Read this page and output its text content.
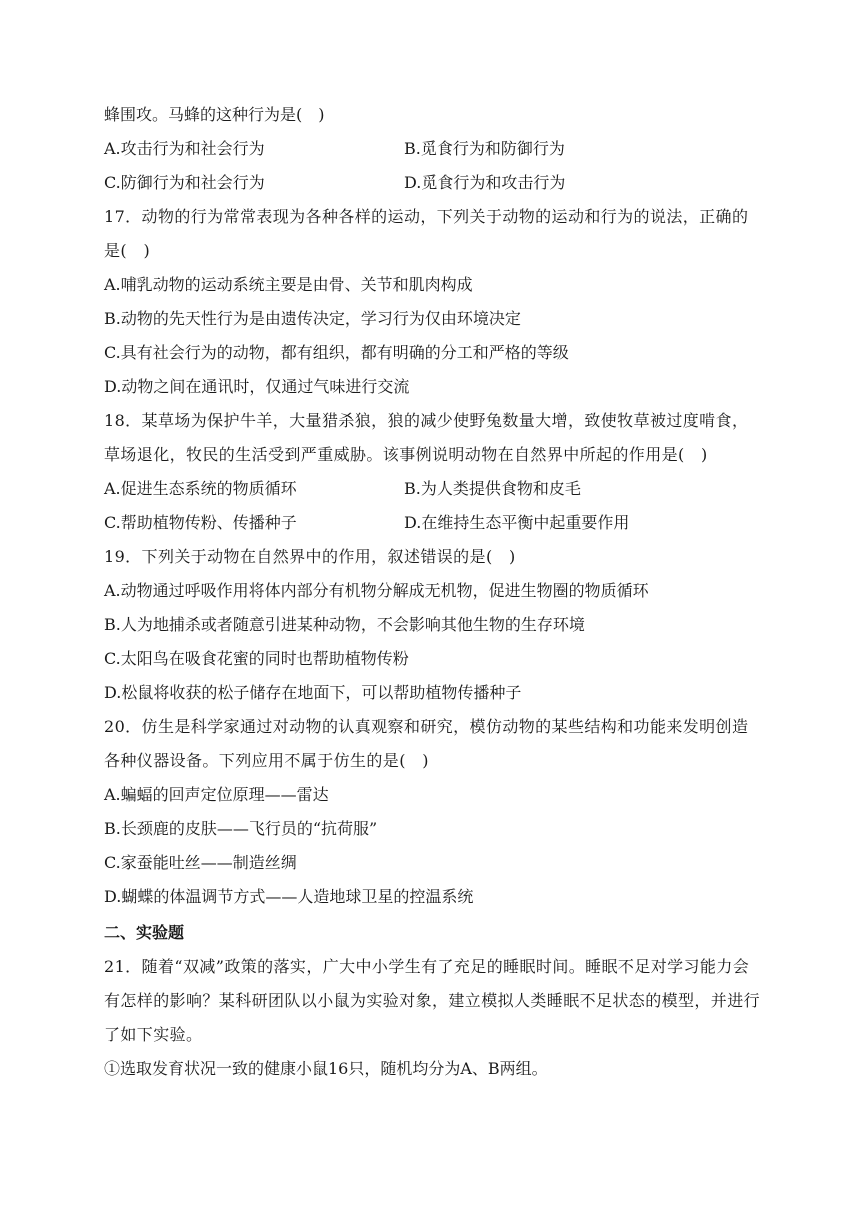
蜂围攻。马蜂的这种行为是(　)
A.攻击行为和社会行为	B.觅食行为和防御行为
C.防御行为和社会行为	D.觅食行为和攻击行为
17．动物的行为常常表现为各种各样的运动，下列关于动物的运动和行为的说法，正确的是(　)
A.哺乳动物的运动系统主要是由骨、关节和肌肉构成
B.动物的先天性行为是由遗传决定，学习行为仅由环境决定
C.具有社会行为的动物，都有组织，都有明确的分工和严格的等级
D.动物之间在通讯时，仅通过气味进行交流
18．某草场为保护牛羊，大量猎杀狼，狼的减少使野兔数量大增，致使牧草被过度啃食，草场退化，牧民的生活受到严重威胁。该事例说明动物在自然界中所起的作用是(　)
A.促进生态系统的物质循环	B.为人类提供食物和皮毛
C.帮助植物传粉、传播种子	D.在维持生态平衡中起重要作用
19．下列关于动物在自然界中的作用，叙述错误的是(　)
A.动物通过呼吸作用将体内部分有机物分解成无机物，促进生物圈的物质循环
B.人为地捕杀或者随意引进某种动物，不会影响其他生物的生存环境
C.太阳鸟在吸食花蜜的同时也帮助植物传粉
D.松鼠将收获的松子储存在地面下，可以帮助植物传播种子
20．仿生是科学家通过对动物的认真观察和研究，模仿动物的某些结构和功能来发明创造各种仪器设备。下列应用不属于仿生的是(　)
A.蝙蝠的回声定位原理——雷达
B.长颈鹿的皮肤——飞行员的“抗荷服”
C.家蚕能吐丝——制造丝绸
D.蝴蝶的体温调节方式——人造地球卫星的控温系统
二、实验题
21．随着“双减”政策的落实，广大中小学生有了充足的睡眠时间。睡眠不足对学习能力会有怎样的影响？某科研团队以小鼠为实验对象，建立模拟人类睡眠不足状态的模型，并进行了如下实验。
①选取发育状况一致的健康小鼠16只，随机均分为A、B两组。
